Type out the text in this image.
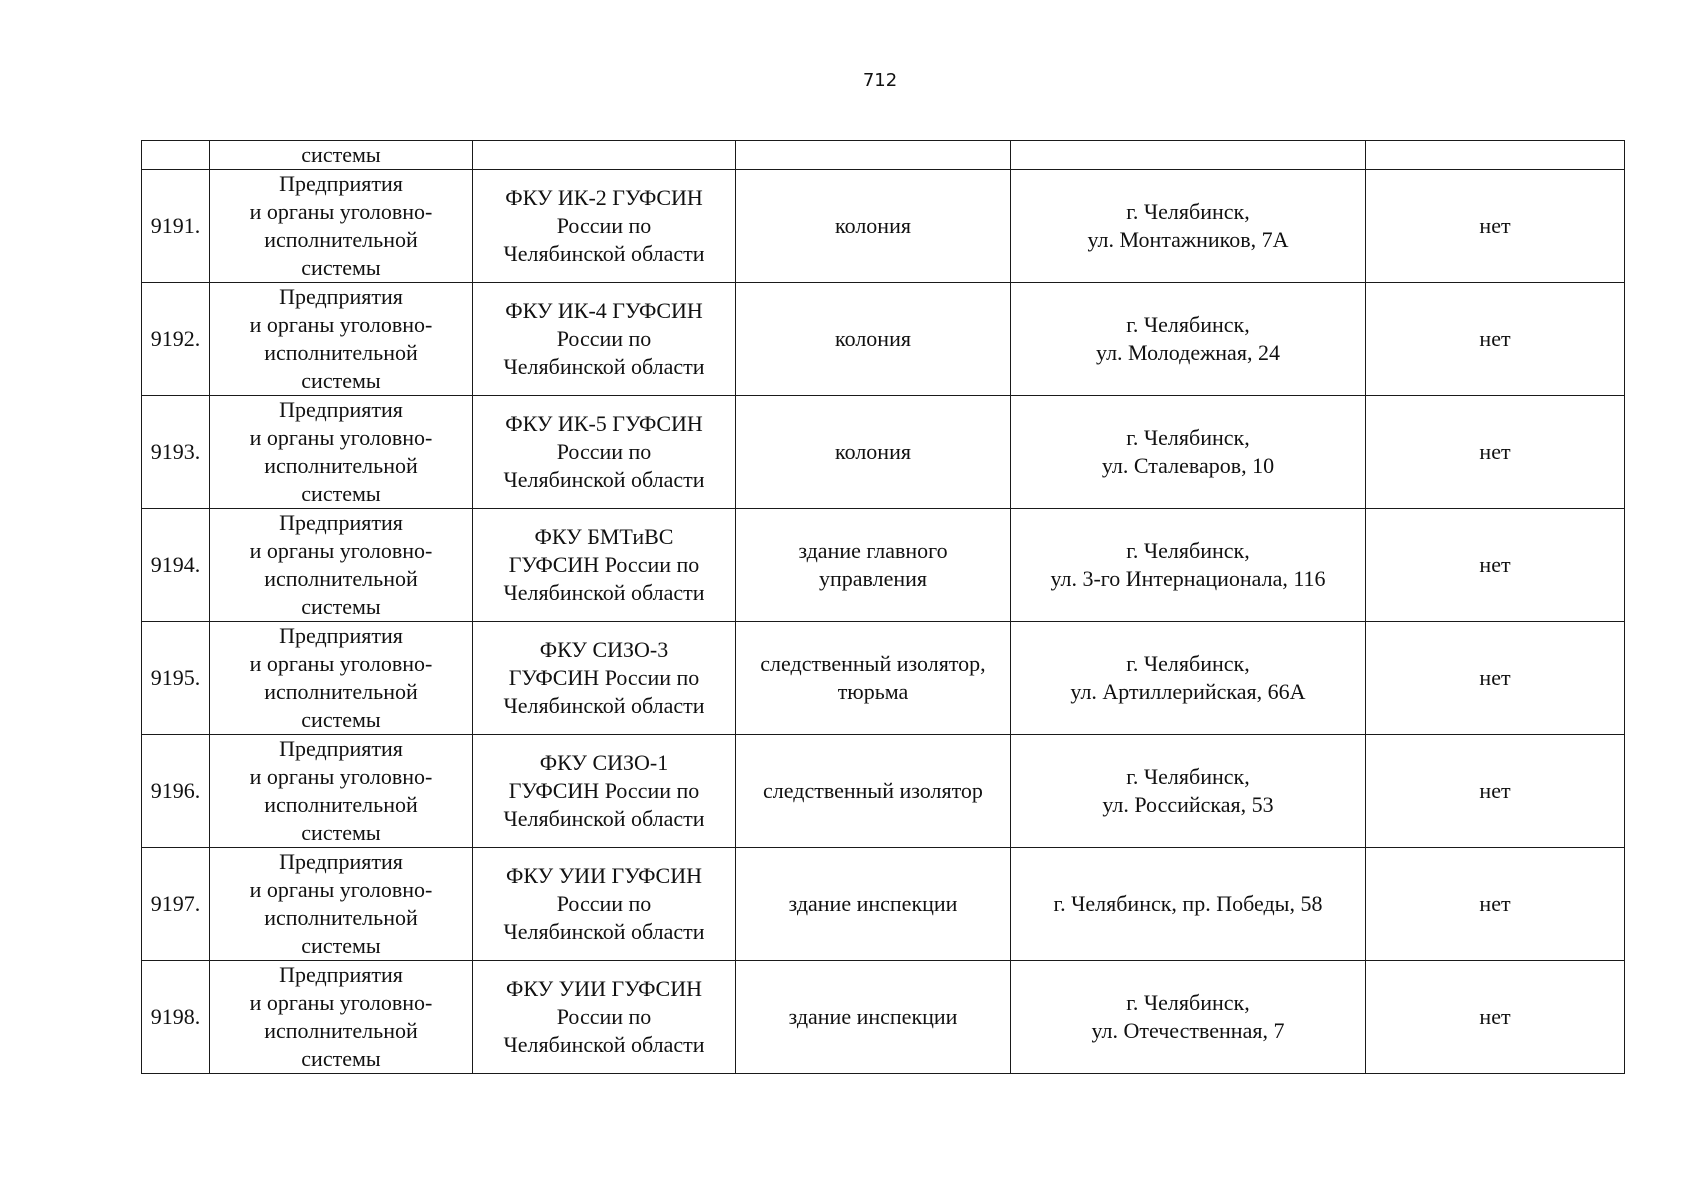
712
	системы				
9191.	Предприятия
и органы уголовно-
исполнительной
системы	ФКУ ИК-2 ГУФСИН
России по
Челябинской области	колония	г. Челябинск,
ул. Монтажников, 7А	нет
9192.	Предприятия
и органы уголовно-
исполнительной
системы	ФКУ ИК-4 ГУФСИН
России по
Челябинской области	колония	г. Челябинск,
ул. Молодежная, 24	нет
9193.	Предприятия
и органы уголовно-
исполнительной
системы	ФКУ ИК-5 ГУФСИН
России по
Челябинской области	колония	г. Челябинск,
ул. Сталеваров, 10	нет
9194.	Предприятия
и органы уголовно-
исполнительной
системы	ФКУ БМТиВС
ГУФСИН России по
Челябинской области	здание главного
управления	г. Челябинск,
ул. 3-го Интернационала, 116	нет
9195.	Предприятия
и органы уголовно-
исполнительной
системы	ФКУ СИЗО-3
ГУФСИН России по
Челябинской области	следственный изолятор,
тюрьма	г. Челябинск,
ул. Артиллерийская, 66А	нет
9196.	Предприятия
и органы уголовно-
исполнительной
системы	ФКУ СИЗО-1
ГУФСИН России по
Челябинской области	следственный изолятор	г. Челябинск,
ул. Российская, 53	нет
9197.	Предприятия
и органы уголовно-
исполнительной
системы	ФКУ УИИ ГУФСИН
России по
Челябинской области	здание инспекции	г. Челябинск, пр. Победы, 58	нет
9198.	Предприятия
и органы уголовно-
исполнительной
системы	ФКУ УИИ ГУФСИН
России по
Челябинской области	здание инспекции	г. Челябинск,
ул. Отечественная, 7	нет
